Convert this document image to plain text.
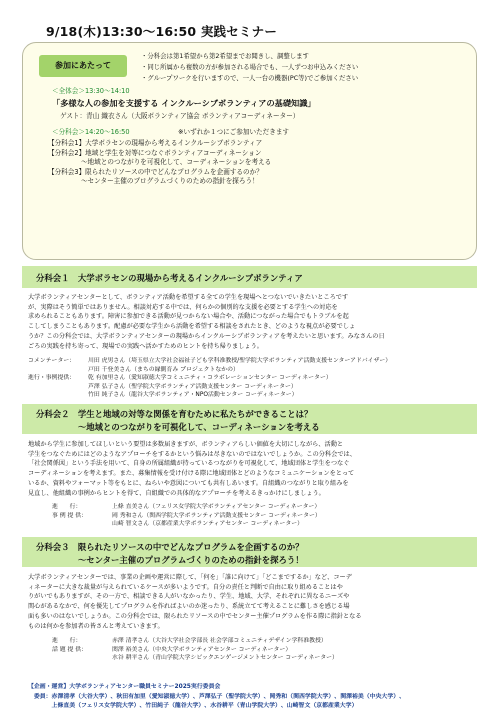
9/18(木)13:30～16:50 実践セミナー
参加にあたって
・分科会は第1希望から第2希望までお聞きし、調整します
・同じ所属から複数の方が参加される場合でも、一人ずつお申込みください
・グループワークを行いますので、一人一台の機器(PC等)でご参加ください
＜全体会＞13:30～14:10
「多様な人の参加を支援する インクルーシブボランティアの基礎知識」
ゲスト：青山 織衣さん（大阪ボランティア協会 ボランティアコーディネーター）
＜分科会＞14:20～16:50	※いずれか１つにご参加いただきます
【分科会1】大学ボラセンの現場から考えるインクルーシブボランティア
【分科会2】地域と学生を対等につなぐボランティアコーディネーション
　　　　　～地域とのつながりを可視化して、コーディネーションを考える
【分科会3】限られたリソースの中でどんなプログラムを企画するのか？
　　　　　～センター主催のプログラムづくりのための指針を探ろう！
分科会１　大学ボラセンの現場から考えるインクルーシブボランティア
大学ボランティアセンターとして、ボランティア活動を希望する全ての学生を現場へとつないでいきたいところです
が、実際はそう簡単ではありません。相談対応する中では、何らかの個別的な支援を必要とする学生への対応を
求められることもあります。障害に参加できる活動が見つからない場合や、活動につながった場合でもトラブルを起
こしてしまうこともあります。配慮が必要な学生から活動を希望する相談をされたとき、どのような視点が必要でしょ
うか？この分科会では、大学ボランティアセンターの現場からインクルーシブボランティアを考えたいと思います。みなさんの日
ごろの実践を持ち寄って、現場での実践へ活かすためのヒントを持ち帰りましょう。
コメンテーター： 川田 虎男さん（埼玉県立大学社会福祉子ども学科准教授/聖学院大学ボランティア活動支援センターアドバイザー）
戸田 千登美さん（まちの縁側育み プロジェクトなかの）
進行・事例提供： 乾 有加里さん（愛知淑徳大学コミュニティ・コラボレーションセンター コーディネーター）
芦澤 弘子さん（聖学院大学ボランティア活動支援センター コーディネーター）
竹田 純子さん（龍谷大学ボランティア・NPO活動センター コーディネーター）
分科会２　学生と地域の対等な関係を育むために私たちができることは？
　　　　　～地域とのつながりを可視化して、コーディネーションを考える
地域から学生に参加してほしいという要望は多数届きますが、ボランティアらしい価値を大切にしながら、活動と
学生をつなぐためにはどのようなアプローチをするかという悩みは尽きないのではないでしょうか。この分科会では、
「社会関係図」という手法を用いて、自身の所属組織が持っているつながりを可視化して、地域団体と学生をつなぐ
コーディネーションを考えます。また、募集情報を受け付ける際に地域団体とどのようなコミュニケーションをとって
いるか、資料やフォーマット等をもとに、ねらいや意図についても共有しあいます。自組織のつながりと取り組みを
見直し、他組織の事例からヒントを得て、自組織での具体的なアプローチを考えるきっかけにしましょう。
進　　行：	上條 直美さん（フェリス女学院大学ボランティアセンター コーディネーター）
事 例 提 供：	岡 秀和さん（関西学院大学ボランティア活動支援センター コーディネーター）
山崎 智文さん（京都産業大学ボランティアセンター コーディネーター）
分科会３　限られたリソースの中でどんなプログラムを企画するのか？
　　　　　～センター主催のプログラムづくりのための指針を探ろう！
大学ボランティアセンターでは、事業の企画や運営に際して、「何を」「誰に向けて」「どこまでするか」など、コーデ
ィネーターに大きな裁量が与えられているケースが多いようです。自分の責任と判断で自由に取り組めることはや
りがいでもありますが、その一方で、相談できる人がいなかったり、学生、地域、大学、それぞれに異なるニーズや
関心があるなかで、何を優先してプログラムを作ればよいのか迷ったり、系統立てて考えることに難しさを感じる場
面も多いのはないでしょうか。この分科会では、限られたリソースの中でセンター主催プログラムを作る際に指針となる
ものは何かを参加者の皆さんと考えていきます。
進　　行：	赤澤 清孝さん（大谷大学社会学部長 社会学部コミュニティデザイン学科准教授）
話 題 提 供：	関澤 裕美さん（中央大学ボランティアセンター コーディネーター）
水谷 耕平さん（青山学院大学シビックエンゲージメントセンター コーディネーター）
【企画・運営】大学ボランティアセンター職員セミナー2025実行委員会
　委員：赤澤清孝（大谷大学）、秋田有加里（愛知淑徳大学）、芦澤弘子（聖学院大学）、岡秀和（関西学院大学）、関澤裕美（中央大学）、
　　　　上條直美（フェリス女学院大学）、竹田純子（龍谷大学）、水谷耕平（青山学院大学）、山崎智文（京都産業大学）
